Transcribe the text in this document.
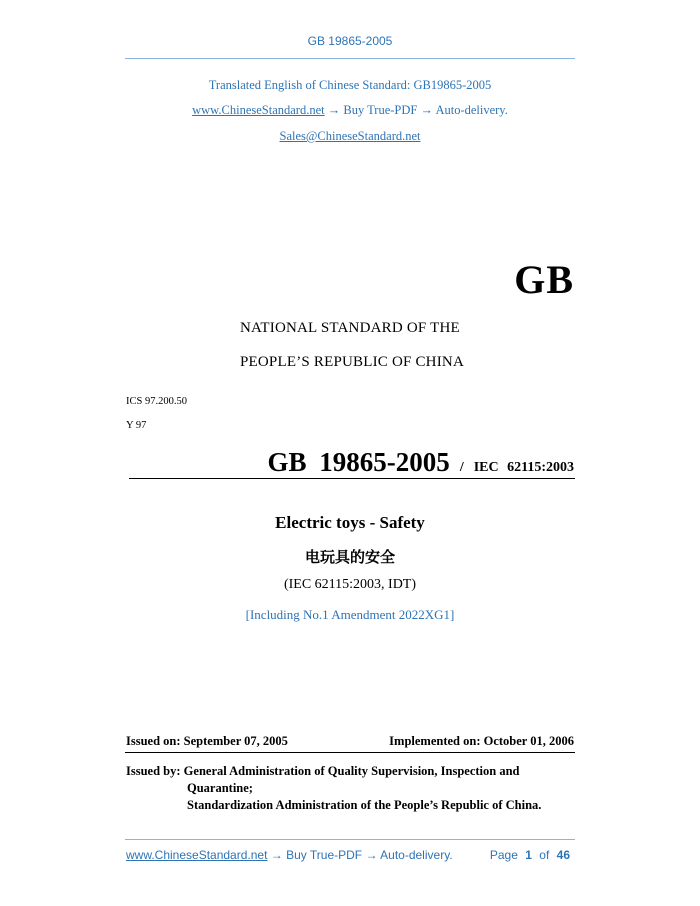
GB 19865-2005
Translated English of Chinese Standard: GB19865-2005
www.ChineseStandard.net → Buy True-PDF → Auto-delivery.
Sales@ChineseStandard.net
GB
NATIONAL STANDARD OF THE
PEOPLE’S REPUBLIC OF CHINA
ICS 97.200.50
Y 97
GB 19865-2005 / IEC 62115:2003
Electric toys - Safety
电玩具的安全
(IEC 62115:2003, IDT)
[Including No.1 Amendment 2022XG1]
Issued on: September 07, 2005	Implemented on: October 01, 2006
Issued by: General Administration of Quality Supervision, Inspection and
Quarantine;
Standardization Administration of the People’s Republic of China.
www.ChineseStandard.net → Buy True-PDF → Auto-delivery.	Page 1 of 46
